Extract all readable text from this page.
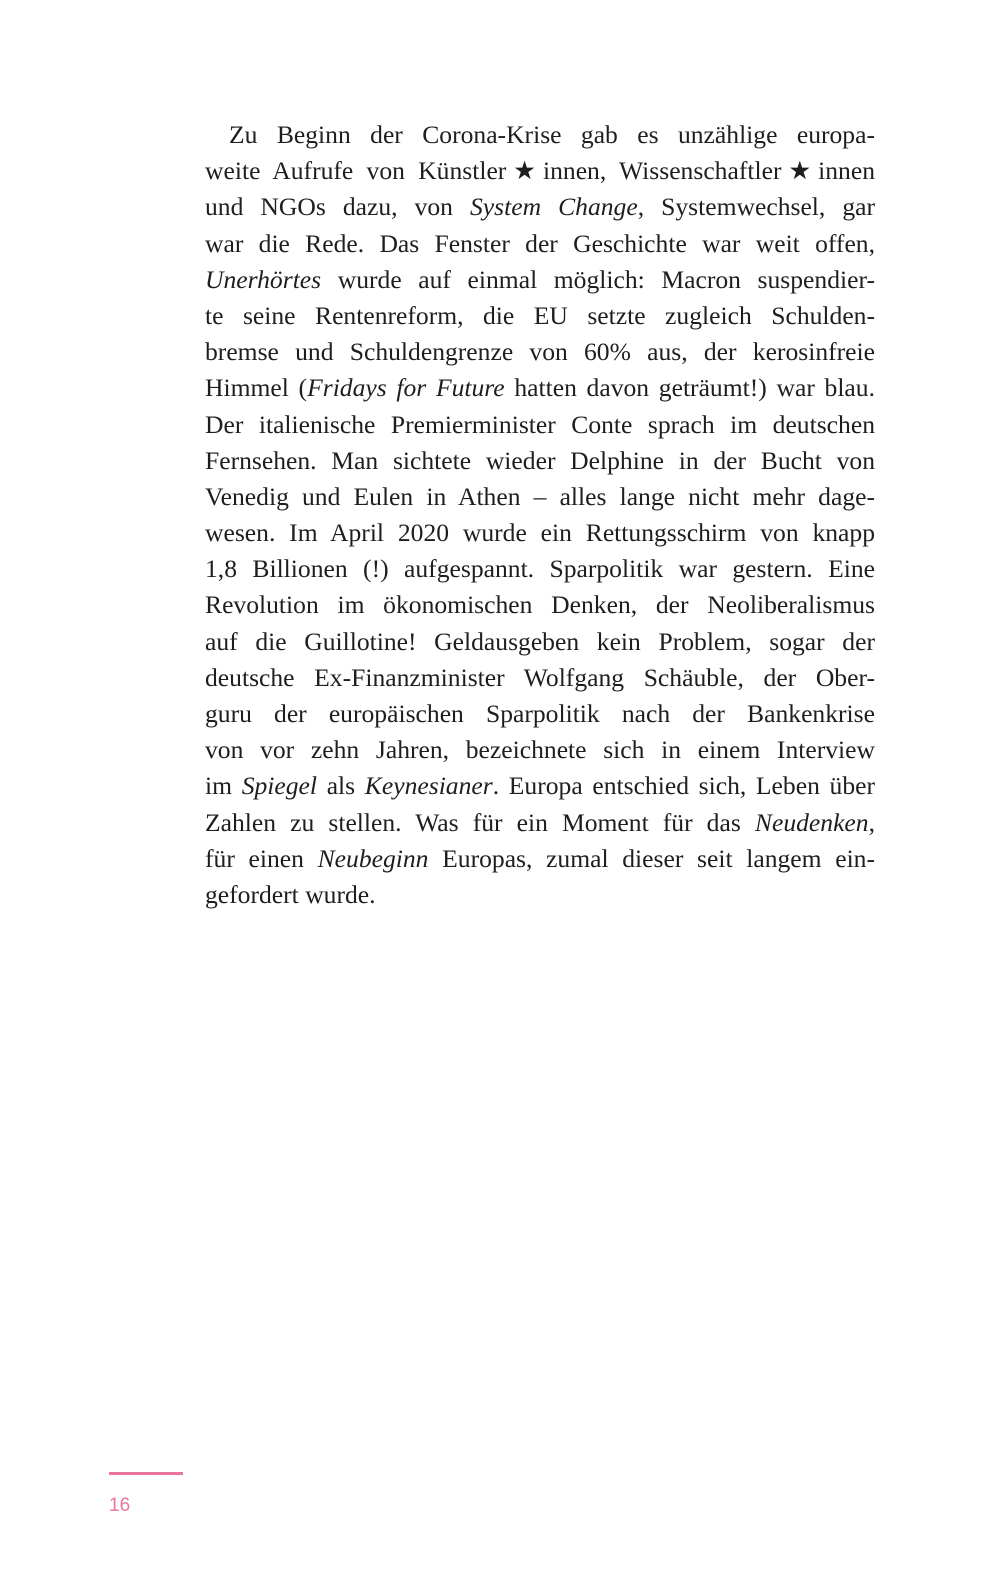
Zu Beginn der Corona-Krise gab es unzählige europa-
weite Aufrufe von Künstler★innen, Wissenschaftler★innen
und NGOs dazu, von System Change, Systemwechsel, gar
war die Rede. Das Fenster der Geschichte war weit offen,
Unerhörtes wurde auf einmal möglich: Macron suspendier-
te seine Rentenreform, die EU setzte zugleich Schulden-
bremse und Schuldengrenze von 60% aus, der kerosinfreie
Himmel (Fridays for Future hatten davon geträumt!) war blau.
Der italienische Premierminister Conte sprach im deutschen
Fernsehen. Man sichtete wieder Delphine in der Bucht von
Venedig und Eulen in Athen – alles lange nicht mehr dage-
wesen. Im April 2020 wurde ein Rettungsschirm von knapp
1,8 Billionen (!) aufgespannt. Sparpolitik war gestern. Eine
Revolution im ökonomischen Denken, der Neoliberalismus
auf die Guillotine! Geldausgeben kein Problem, sogar der
deutsche Ex-Finanzminister Wolfgang Schäuble, der Ober-
guru der europäischen Sparpolitik nach der Bankenkrise
von vor zehn Jahren, bezeichnete sich in einem Interview
im Spiegel als Keynesianer. Europa entschied sich, Leben über
Zahlen zu stellen. Was für ein Moment für das Neudenken,
für einen Neubeginn Europas, zumal dieser seit langem ein-
gefordert wurde.

16
